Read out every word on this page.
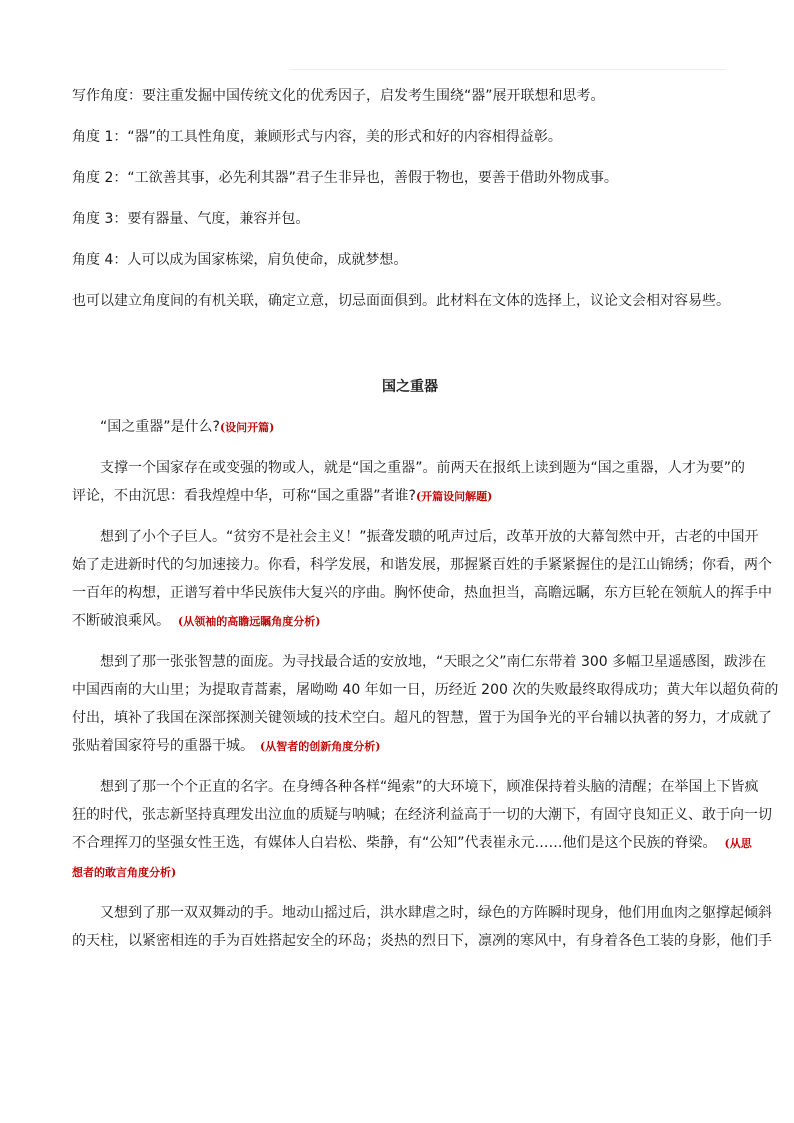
写作角度：要注重发掘中国传统文化的优秀因子，启发考生围绕“器”展开联想和思考。

角度 1：“器”的工具性角度，兼顾形式与内容，美的形式和好的内容相得益彰。

角度 2：“工欲善其事，必先利其器”君子生非异也，善假于物也，要善于借助外物成事。

角度 3：要有器量、气度，兼容并包。

角度 4：人可以成为国家栋梁，肩负使命，成就梦想。

也可以建立角度间的有机关联，确定立意，切忌面面俱到。此材料在文体的选择上，议论文会相对容易些。

国之重器

“国之重器”是什么?(设问开篇)
支撑一个国家存在或变强的物或人，就是“国之重器”。前两天在报纸上读到题为“国之重器，人才为要”的
评论，不由沉思：看我煌煌中华，可称“国之重器”者谁?(开篇设问解题)
想到了小个子巨人。“贫穷不是社会主义！”振聋发聩的吼声过后，改革开放的大幕訇然中开，古老的中国开
始了走进新时代的匀加速接力。你看，科学发展，和谐发展，那握紧百姓的手紧紧握住的是江山锦绣；你看，两个
一百年的构想，正谱写着中华民族伟大复兴的序曲。胸怀使命，热血担当，高瞻远瞩，东方巨轮在领航人的挥手中
不断破浪乘风。 (从领袖的高瞻远瞩角度分析)
想到了那一张张智慧的面庞。为寻找最合适的安放地，“天眼之父”南仁东带着 300 多幅卫星遥感图，跋涉在
中国西南的大山里；为提取青蒿素，屠呦呦 40 年如一日，历经近 200 次的失败最终取得成功；黄大年以超负荷的
付出，填补了我国在深部探测关键领域的技术空白。超凡的智慧，置于为国争光的平台辅以执著的努力，才成就了
张贴着国家符号的重器干城。 (从智者的创新角度分析)
想到了那一个个正直的名字。在身缚各种各样“绳索”的大环境下，顾准保持着头脑的清醒；在举国上下皆疯
狂的时代，张志新坚持真理发出泣血的质疑与呐喊；在经济利益高于一切的大潮下，有固守良知正义、敢于向一切
不合理挥刀的坚强女性王选，有媒体人白岩松、柴静，有“公知”代表崔永元……他们是这个民族的脊梁。 (从思
想者的敢言角度分析)
又想到了那一双双舞动的手。地动山摇过后，洪水肆虐之时，绿色的方阵瞬时现身，他们用血肉之躯撑起倾斜
的天柱，以紧密相连的手为百姓搭起安全的环岛；炎热的烈日下，凛冽的寒风中，有身着各色工装的身影，他们手
